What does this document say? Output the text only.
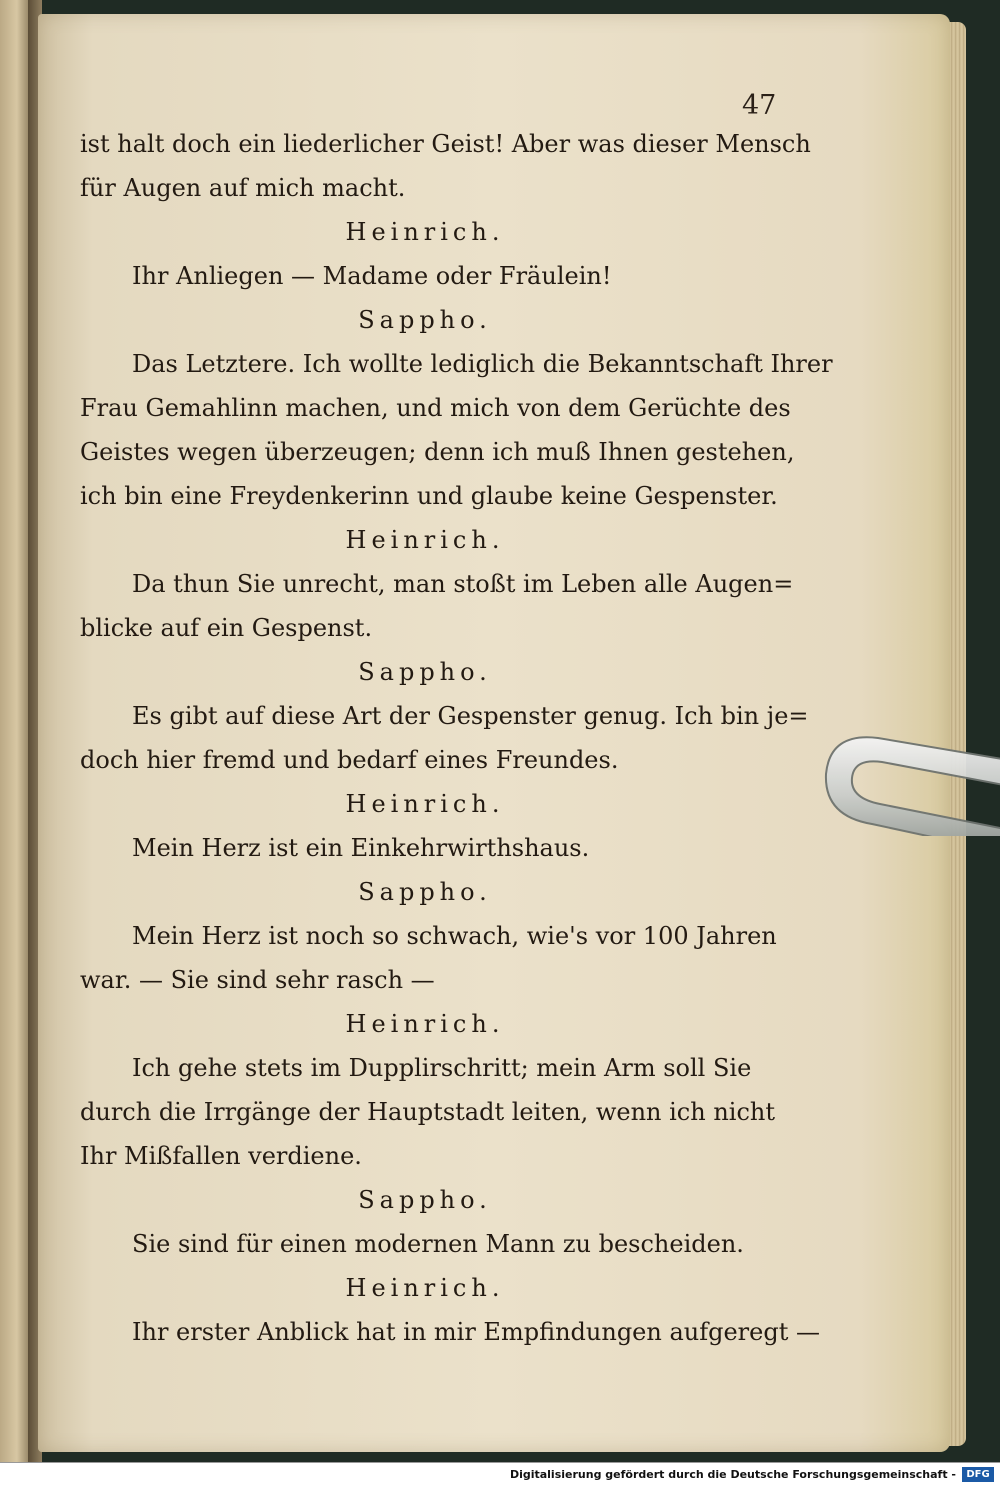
47

ist halt doch ein liederlicher Geist! Aber was dieser Mensch
für Augen auf mich macht.
Heinrich.
Ihr Anliegen — Madame oder Fräulein!
Sappho.
Das Letztere. Ich wollte lediglich die Bekanntschaft Ihrer
Frau Gemahlinn machen, und mich von dem Gerüchte des
Geistes wegen überzeugen; denn ich muß Ihnen gestehen,
ich bin eine Freydenkerinn und glaube keine Gespenster.
Heinrich.
Da thun Sie unrecht, man stoßt im Leben alle Augen=
blicke auf ein Gespenst.
Sappho.
Es gibt auf diese Art der Gespenster genug. Ich bin je=
doch hier fremd und bedarf eines Freundes.
Heinrich.
Mein Herz ist ein Einkehrwirthshaus.
Sappho.
Mein Herz ist noch so schwach, wie's vor 100 Jahren
war. — Sie sind sehr rasch —
Heinrich.
Ich gehe stets im Dupplirschritt; mein Arm soll Sie
durch die Irrgänge der Hauptstadt leiten, wenn ich nicht
Ihr Mißfallen verdiene.
Sappho.
Sie sind für einen modernen Mann zu bescheiden.
Heinrich.
Ihr erster Anblick hat in mir Empfindungen aufgeregt —
Digitalisierung gefördert durch die Deutsche Forschungsgemeinschaft -	DFG
